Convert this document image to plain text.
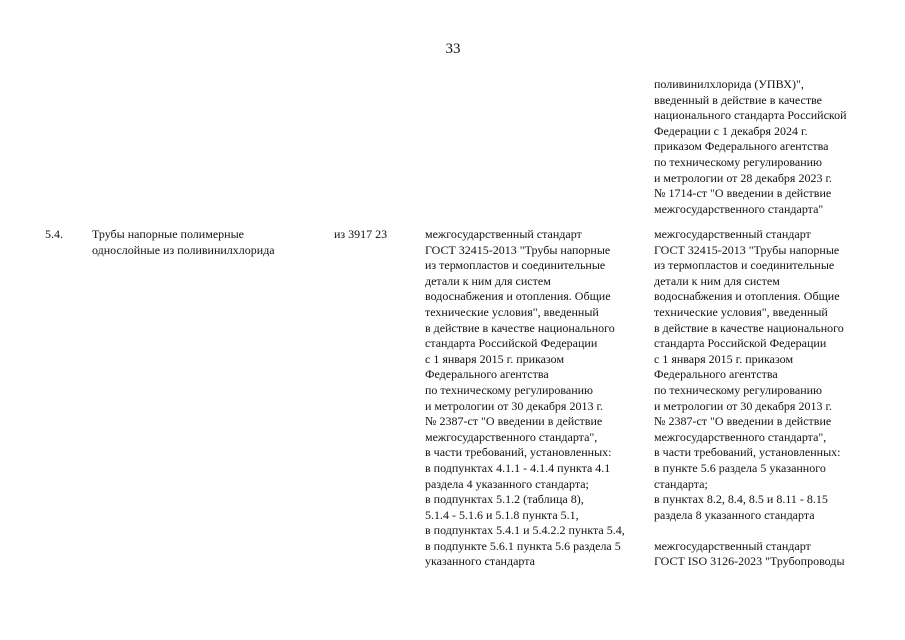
33
поливинилхлорида (УПВХ)",
введенный в действие в качестве
национального стандарта Российской
Федерации с 1 декабря 2024 г.
приказом Федерального агентства
по техническому регулированию
и метрологии от 28 декабря 2023 г.
№ 1714-ст "О введении в действие
межгосударственного стандарта"
5.4. Трубы напорные полимерные
однослойные из поливинилхлорида
из 3917 23	межгосударственный стандарт
ГОСТ 32415-2013 "Трубы напорные
из термопластов и соединительные
детали к ним для систем
водоснабжения и отопления. Общие
технические условия", введенный
в действие в качестве национального
стандарта Российской Федерации
с 1 января 2015 г. приказом
Федерального агентства
по техническому регулированию
и метрологии от 30 декабря 2013 г.
№ 2387-ст "О введении в действие
межгосударственного стандарта",
в части требований, установленных:
в подпунктах 4.1.1 - 4.1.4 пункта 4.1
раздела 4 указанного стандарта;
в подпунктах 5.1.2 (таблица 8),
5.1.4 - 5.1.6 и 5.1.8 пункта 5.1,
в подпунктах 5.4.1 и 5.4.2.2 пункта 5.4,
в подпункте 5.6.1 пункта 5.6 раздела 5
указанного стандарта
межгосударственный стандарт
ГОСТ 32415-2013 "Трубы напорные
из термопластов и соединительные
детали к ним для систем
водоснабжения и отопления. Общие
технические условия", введенный
в действие в качестве национального
стандарта Российской Федерации
с 1 января 2015 г. приказом
Федерального агентства
по техническому регулированию
и метрологии от 30 декабря 2013 г.
№ 2387-ст "О введении в действие
межгосударственного стандарта",
в части требований, установленных:
в пункте 5.6 раздела 5 указанного
стандарта;
в пунктах 8.2, 8.4, 8.5 и 8.11 - 8.15
раздела 8 указанного стандарта
межгосударственный стандарт
ГОСТ ISO 3126-2023 "Трубопроводы
